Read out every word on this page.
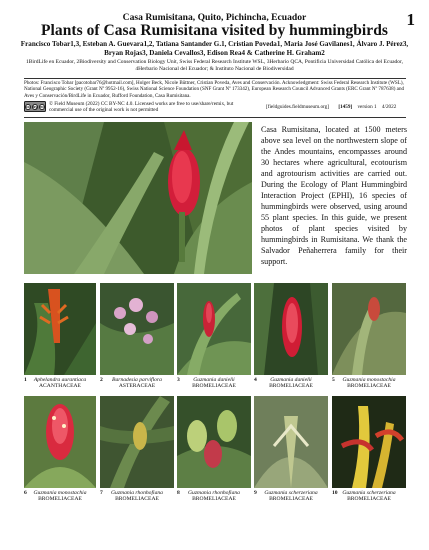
Casa Rumisitana, Quito, Pichincha, Ecuador
Plants of Casa Rumisitana visited by hummingbirds
Francisco Tobar1,3, Esteban A. Guevara1,2, Tatiana Santander G.1, Cristian Poveda1, Maria José Gavilanes1, Álvaro J. Pérez3, Bryan Rojas3, Daniela Cevallos3, Edison Rea4 & Catherine H. Graham2
1BirdLife en Ecuador, 2Biodiversity and Conservation Biology Unit, Swiss Federal Research Institute WSL, 3Herbario QCA, Pontificia Universidad Católica del Ecuador, 4Herbario Nacional del Ecuador; & Instituto Nacional de Biodiversidad
1
Photos: Francisco Tobar [pacotobar76@hotmail.com], Holger Beck, Nicole Büttner, Cristian Poveda, Aves and Conservación. Acknowledgment: Swiss Federal Research Institute (WSL), National Geographic Society (Grant Nº 9952-16), Swiss National Science Foundation (SNF Grant Nº 173342), European Research Council Advanced Grants (ERC Grant Nº 787638) and Aves y Conservación/BirdLife in Ecuador, Rufford Foundation, Casa Rumisitana.
cc by nc © Field Museum (2022) CC BY-NC 4.0. Licensed works are free to use/share/remix, but commercial use of the original work is not permitted
[fieldguides.fieldmuseum.org] [1459] version 1 4/2022
Casa Rumisitana, located at 1500 meters above sea level on the northwestern slope of the Andes mountains, encompasses around 30 hectares where agricultural, ecotourism and agrotourism activities are carried out. During the Ecology of Plant Hummingbird Interaction Project (EPHI), 16 species of hummingbirds were observed, using around 55 plant species. In this guide, we present photos of plant species visited by hummingbirds in Rumisitana. We thank the Salvador Peñaherrera family for their support.
1	Aphelandra aurantiaca
ACANTHACEAE
2	Barnadesia parviflora
ASTERACEAE
3	Guzmania danielii
BROMELIACEAE
4	Guzmania danielii
BROMELIACEAE
5	Guzmania monostachia
BROMELIACEAE
6	Guzmania monostachia
BROMELIACEAE
7	Guzmania rhonhofiana
BROMELIACEAE
8	Guzmania rhonhofiana
BROMELIACEAE
9	Guzmania scherzeriana
BROMELIACEAE
10 Guzmania scherzeriana
BROMELIACEAE
